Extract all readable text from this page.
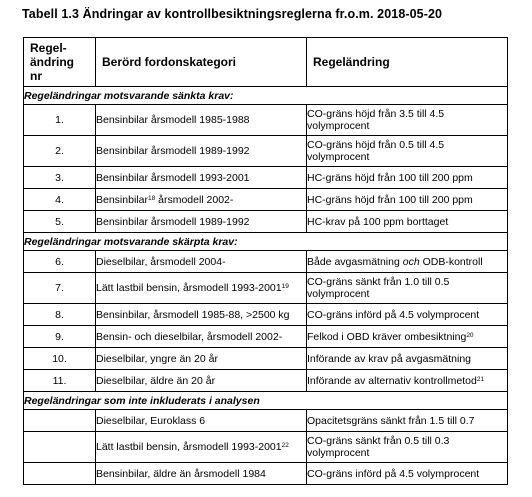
Tabell 1.3 Ändringar av kontrollbesiktningsreglerna fr.o.m. 2018-05-20
Regel-
ändring nr	Berörd fordonskategori	Regeländring
Regeländringar motsvarande sänkta krav:		
1.	Bensinbilar årsmodell 1985-1988	CO-gräns höjd från 3.5 till 4.5 volymprocent
2.	Bensinbilar årsmodell 1989-1992	CO-gräns höjd från 0.5 till 4.5 volymprocent
3.	Bensinbilar årsmodell 1993-2001	HC-gräns höjd från 100 till 200 ppm
4.	Bensinbilar$^{18}$ årsmodell 2002-	HC-gräns höjd från 100 till 200 ppm
5.	Bensinbilar årsmodell 1989-1992	HC-krav på 100 ppm borttaget
Regeländringar motsvarande skärpta krav:		
6.	Dieselbilar, årsmodell 2004-	Både avgasmätning och ODB-kontroll
7.	Lätt lastbil bensin, årsmodell 1993-2001$^{19}$	CO-gräns sänkt från 1.0 till 0.5 volymprocent
8.	Bensinbilar, årsmodell 1985-88, >2500 kg	CO-gräns införd på 4.5 volymprocent
9.	Bensin- och dieselbilar, årsmodell 2002-	Felkod i OBD kräver ombesiktning$^{20}$
10.	Dieselbilar, yngre än 20 år	Införande av krav på avgasmätning
11.	Dieselbilar, äldre än 20 år	Införande av alternativ kontrollmetod$^{21}$
Regeländringar som inte inkluderats i analysen		
	Dieselbilar, Euroklass 6	Opacitetsgräns sänkt från 1.5 till 0.7
	Lätt lastbil bensin, årsmodell 1993-2001$^{22}$	CO-gräns sänkt från 0.5 till 0.3 volymprocent
	Bensinbilar, äldre än årsmodell 1984	CO-gräns införd på 4.5 volymprocent
